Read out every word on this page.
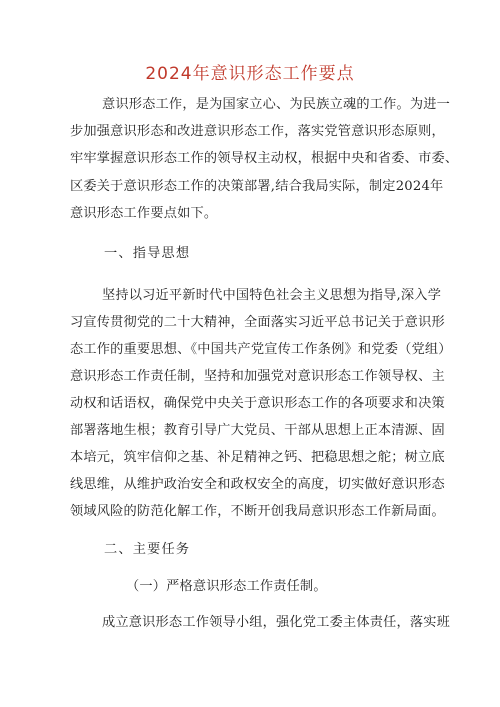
2024年意识形态工作要点
意识形态工作，是为国家立心、为民族立魂的工作。为进一
步加强意识形态和改进意识形态工作，落实党管意识形态原则，
牢牢掌握意识形态工作的领导权主动权，根据中央和省委、市委、
区委关于意识形态工作的决策部署,结合我局实际，制定2024年
意识形态工作要点如下。
一、指导思想
坚持以习近平新时代中国特色社会主义思想为指导,深入学
习宣传贯彻党的二十大精神，全面落实习近平总书记关于意识形
态工作的重要思想、《中国共产党宣传工作条例》和党委（党组）
意识形态工作责任制，坚持和加强党对意识形态工作领导权、主
动权和话语权，确保党中央关于意识形态工作的各项要求和决策
部署落地生根；教育引导广大党员、干部从思想上正本清源、固
本培元，筑牢信仰之基、补足精神之钙、把稳思想之舵；树立底
线思维，从维护政治安全和政权安全的高度，切实做好意识形态
领域风险的防范化解工作，不断开创我局意识形态工作新局面。
二、主要任务
（一）严格意识形态工作责任制。
成立意识形态工作领导小组，强化党工委主体责任，落实班
